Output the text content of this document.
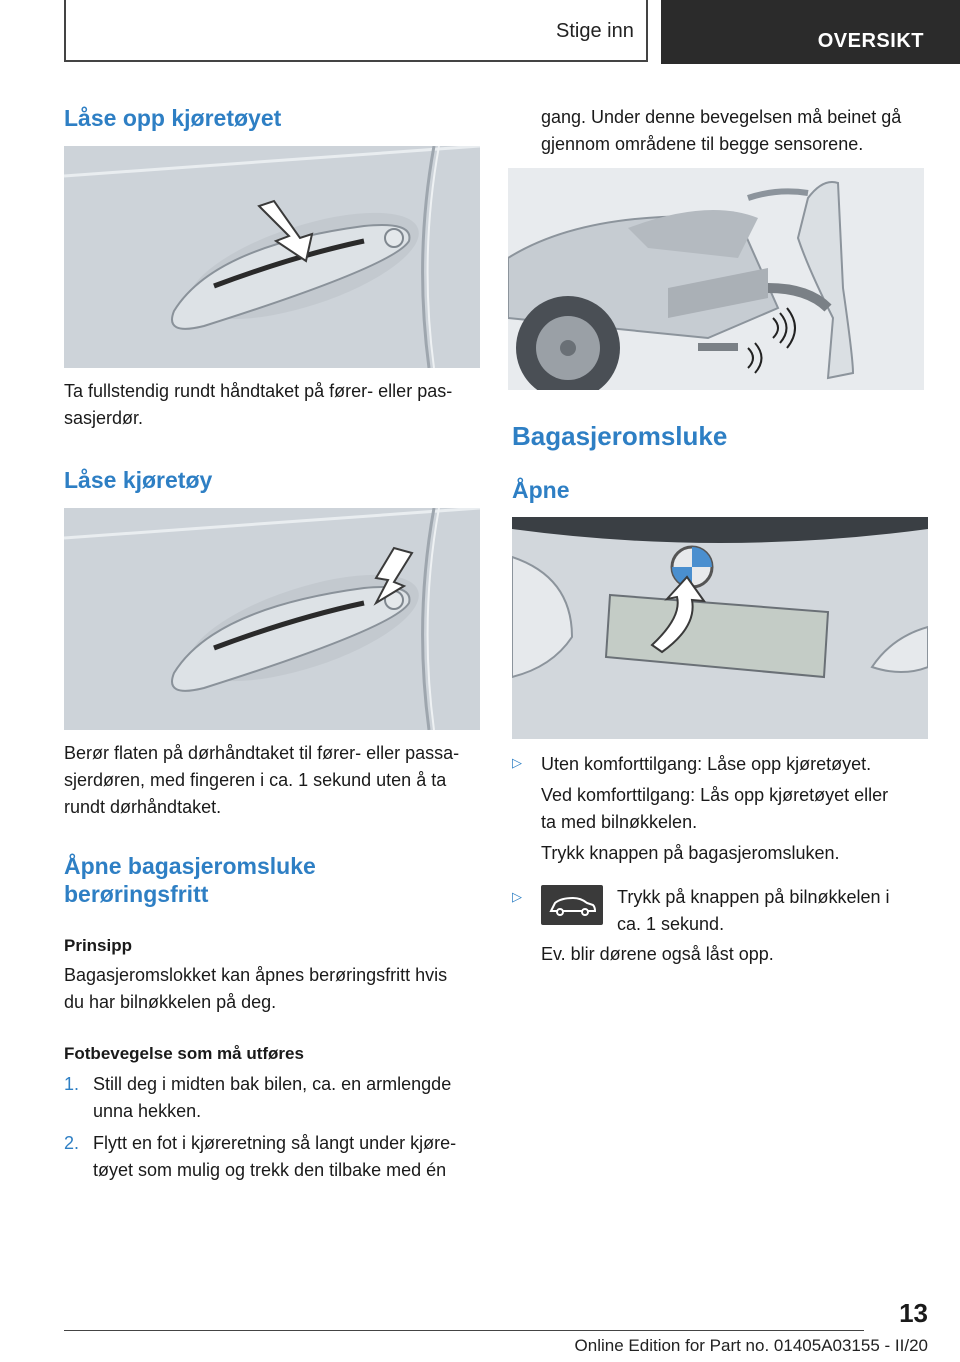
Stige inn	OVERSIKT
Låse opp kjøretøyet
Ta fullstendig rundt håndtaket på fører- eller pas-
sasjerdør.
Låse kjøretøy
Berør flaten på dørhåndtaket til fører- eller passa-
sjerdøren, med fingeren i ca. 1 sekund uten å ta
rundt dørhåndtaket.
Åpne bagasjeromsluke
berøringsfritt
Prinsipp
Bagasjeromslokket kan åpnes berøringsfritt hvis
du har bilnøkkelen på deg.
Fotbevegelse som må utføres
1. Still deg i midten bak bilen, ca. en armlengde
unna hekken.
2. Flytt en fot i kjøreretning så langt under kjøre-
tøyet som mulig og trekk den tilbake med én
gang. Under denne bevegelsen må beinet gå
gjennom områdene til begge sensorene.
Bagasjeromsluke
Åpne
▷ Uten komforttilgang: Låse opp kjøretøyet.
Ved komforttilgang: Lås opp kjøretøyet eller
ta med bilnøkkelen.
Trykk knappen på bagasjeromsluken.
▷	Trykk på knappen på bilnøkkelen i
ca. 1 sekund.
Ev. blir dørene også låst opp.
13
Online Edition for Part no. 01405A03155 - II/20
